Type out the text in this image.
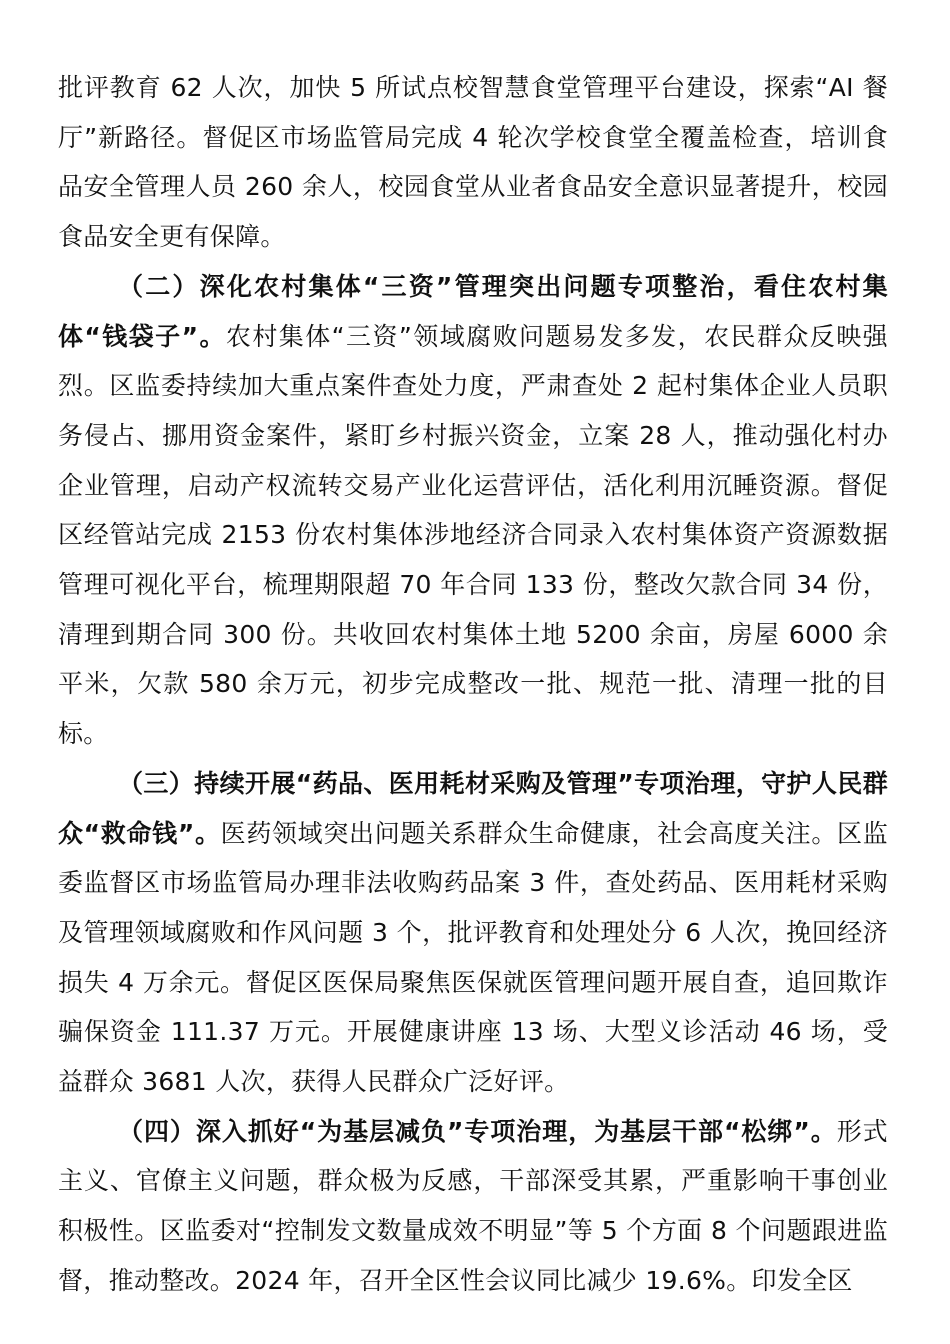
批评教育 62 人次，加快 5 所试点校智慧食堂管理平台建设，探索“AI 餐厅”新路径。督促区市场监管局完成 4 轮次学校食堂全覆盖检查，培训食品安全管理人员 260 余人，校园食堂从业者食品安全意识显著提升，校园食品安全更有保障。

（二）深化农村集体“三资”管理突出问题专项整治，看住农村集体“钱袋子”。农村集体“三资”领域腐败问题易发多发，农民群众反映强烈。区监委持续加大重点案件查处力度，严肃查处 2 起村集体企业人员职务侵占、挪用资金案件，紧盯乡村振兴资金，立案 28 人，推动强化村办企业管理，启动产权流转交易产业化运营评估，活化利用沉睡资源。督促区经管站完成 2153 份农村集体涉地经济合同录入农村集体资产资源数据管理可视化平台，梳理期限超 70 年合同 133 份，整改欠款合同 34 份，清理到期合同 300 份。共收回农村集体土地 5200 余亩，房屋 6000 余平米，欠款 580 余万元，初步完成整改一批、规范一批、清理一批的目标。

（三）持续开展“药品、医用耗材采购及管理”专项治理，守护人民群众“救命钱”。医药领域突出问题关系群众生命健康，社会高度关注。区监委监督区市场监管局办理非法收购药品案 3 件，查处药品、医用耗材采购及管理领域腐败和作风问题 3 个，批评教育和处理处分 6 人次，挽回经济损失 4 万余元。督促区医保局聚焦医保就医管理问题开展自查，追回欺诈骗保资金 111.37 万元。开展健康讲座 13 场、大型义诊活动 46 场，受益群众 3681 人次，获得人民群众广泛好评。

（四）深入抓好“为基层减负”专项治理，为基层干部“松绑”。形式主义、官僚主义问题，群众极为反感，干部深受其累，严重影响干事创业积极性。区监委对“控制发文数量成效不明显”等 5 个方面 8 个问题跟进监督，推动整改。2024 年，召开全区性会议同比减少 19.6%。印发全区
